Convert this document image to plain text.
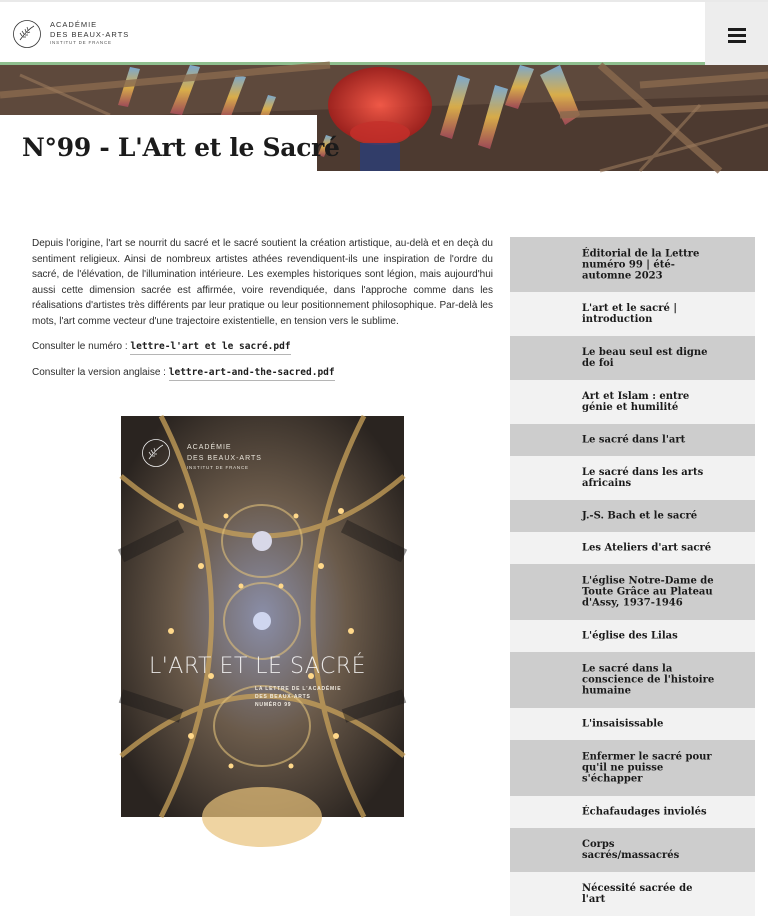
ACADÉMIE
DES BEAUX-ARTS
INSTITUT DE FRANCE
N°99 - L'Art et le Sacré

Depuis l'origine, l'art se nourrit du sacré et le sacré soutient la création artistique, au-delà et en deçà du sentiment religieux. Ainsi de nombreux artistes athées revendiquent-ils une inspiration de l'ordre du sacré, de l'élévation, de l'illumination intérieure. Les exemples historiques sont légion, mais aujourd'hui aussi cette dimension sacrée est affirmée, voire revendiquée, dans l'approche comme dans les réalisations d'artistes très différents par leur pratique ou leur positionnement philosophique. Par-delà les mots, l'art comme vecteur d'une trajectoire existentielle, en tension vers le sublime.

Consulter le numéro : lettre-l'art et le sacré.pdf
Consulter la version anglaise : lettre-art-and-the-sacred.pdf
ACADÉMIE
DES BEAUX-ARTS
INSTITUT DE FRANCE
L'ART ET LE SACRÉ
LA LETTRE DE L'ACADÉMIE
DES BEAUX-ARTS
NUMÉRO 99
Éditorial de la Lettre numéro 99 | été-automne 2023
L'art et le sacré | introduction
Le beau seul est digne de foi
Art et Islam : entre génie et humilité
Le sacré dans l'art
Le sacré dans les arts africains
J.-S. Bach et le sacré
Les Ateliers d'art sacré
L'église Notre-Dame de Toute Grâce au Plateau d'Assy, 1937-1946
L'église des Lilas
Le sacré dans la conscience de l'histoire humaine
L'insaisissable
Enfermer le sacré pour qu'il ne puisse s'échapper
Échafaudages inviolés
Corps sacrés/massacrés
Nécessité sacrée de l'art
